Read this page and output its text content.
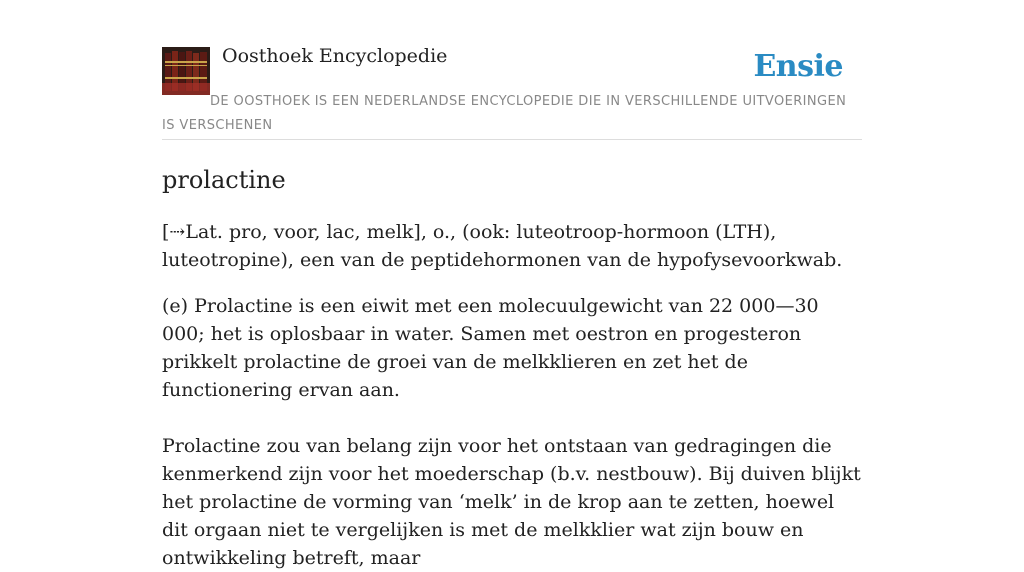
Oosthoek Encyclopedie	Ensie
DE OOSTHOEK IS EEN NEDERLANDSE ENCYCLOPEDIE DIE IN VERSCHILLENDE UITVOERINGEN IS VERSCHENEN
prolactine

[⇢Lat. pro, voor, lac, melk], o., (ook: luteotroop-hormoon (LTH), luteotropine), een van de peptidehormonen van de hypofysevoorkwab.

(e) Prolactine is een eiwit met een molecuulgewicht van 22 000—30 000; het is oplosbaar in water. Samen met oestron en progesteron prikkelt prolactine de groei van de melkklieren en zet het de functionering ervan aan.

Prolactine zou van belang zijn voor het ontstaan van gedragingen die kenmerkend zijn voor het moederschap (b.v. nestbouw). Bij duiven blijkt het prolactine de vorming van ‘melk’ in de krop aan te zetten, hoewel dit orgaan niet te vergelijken is met de melkklier wat zijn bouw en ontwikkeling betreft, maar
